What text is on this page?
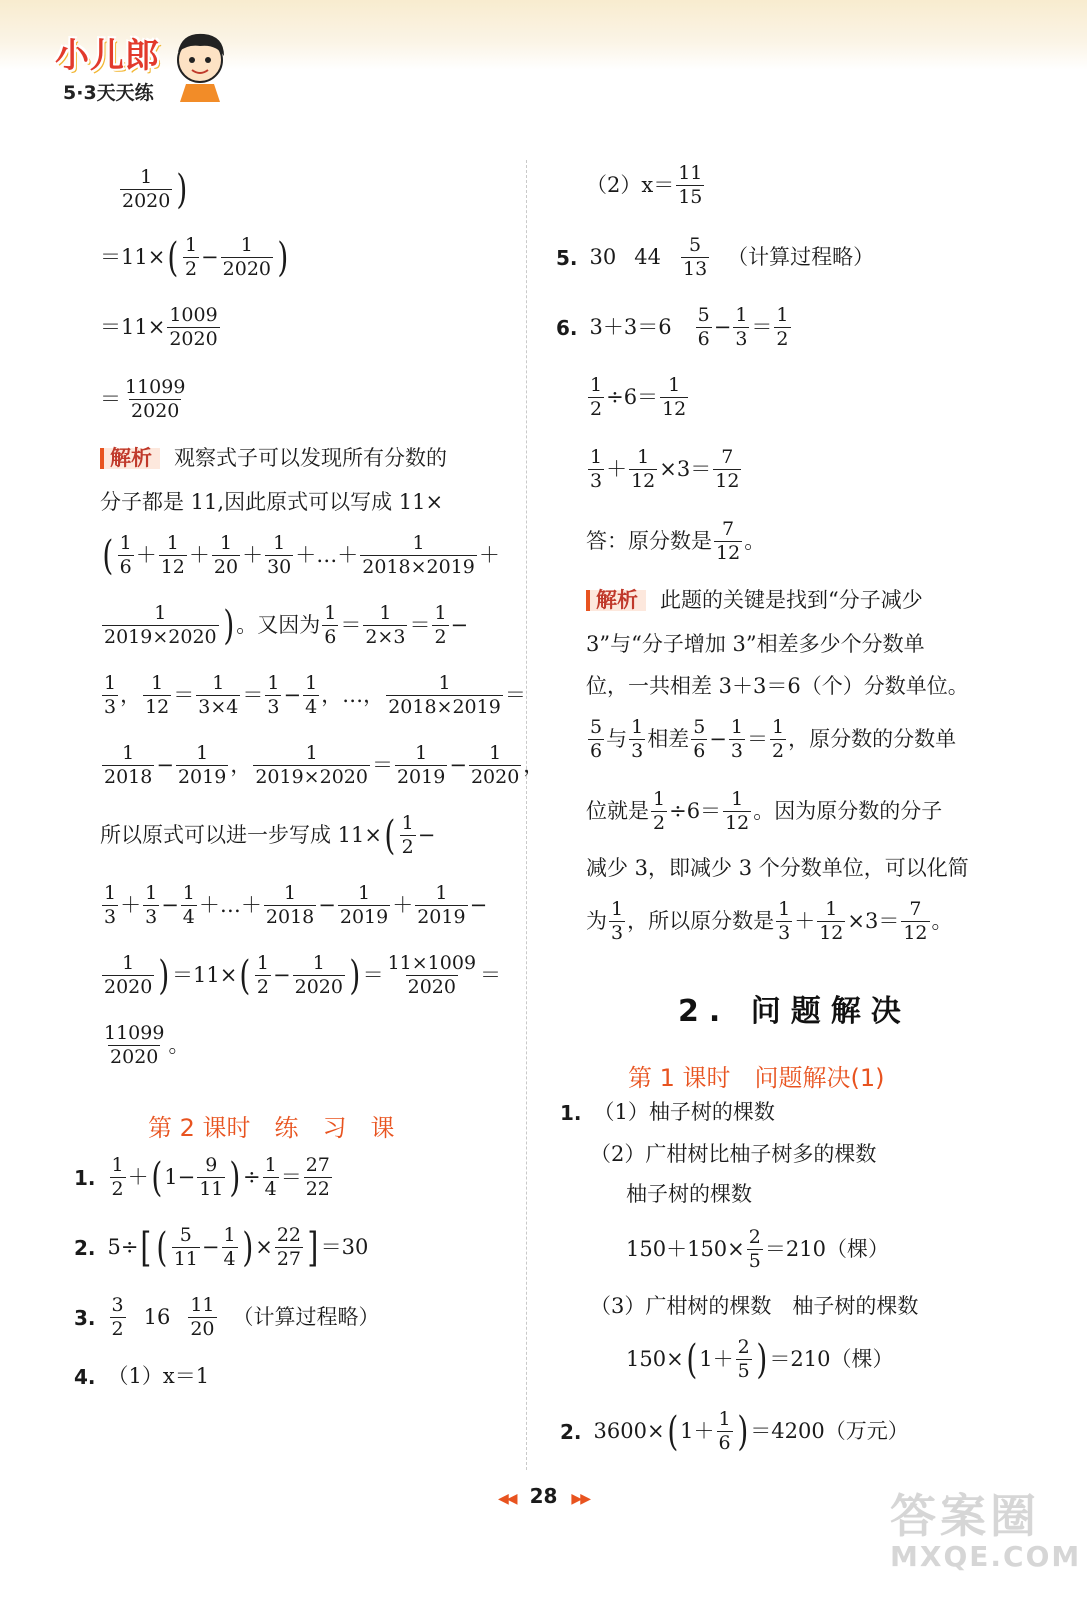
小儿郎
5·3天天练
1
2020 )
＝11× ( 1
$2 - \frac{1}{2020}$ )
$=11\times \frac{1009}{2020}$
＝ 11099
2020
解析	观察式子可以发现所有分数的
分子都是 11,因此原式可以写成 11×
( 1
6 ＋ 1
12 ＋ 1
20 ＋ 1
30 ＋…＋	1
2018×2019 ＋
1
2019×2020 ) 。又因为 1
6 ＝ 1
2×3 ＝ 1
2 −
1
3 ， 1
12 ＝ 1
3×4 ＝ 1
3 − 1
4 ，…，	1
2018×2019 ＝
1
2018 − 1
2019 ，	1
2019×2020 ＝ 1
2019 − 1
2020 ，
所以原式可以进一步写成 11× ( 1
2 −
1
3 ＋ 1
3 − 1
4 ＋…＋ 1
2018 − 1
2019 ＋ 1
2019 −
1
2020 ) ＝11× ( 1
2 − 1
2020 ) ＝ 11×1009
2020 ＝
11099
2020 。
第 2 课时　练　习　课
1.
1
2 ＋ ( $1- \frac{9}{11}$ ) ÷ $\frac{1}{4} = 27$
22
2. 5÷ [ ( 5
$11 - \frac{1}{4}$ ) × $\frac{22}{27}$ ] ＝30
3.
3
2 16 11
20 （计算过程略）
4. （1）x＝1
（2）x＝ 11
15
5. 30 44 5
13 （计算过程略）
6. 3＋3＝6 5
6 − 1
3 ＝ 1
2
$\frac{1}{2} \div 6= 1$
12
1
$3 + \frac{1}{12} \times 3= 7$
12
答：原分数是 7
12 。
解析	此题的关键是找到“分子减少
3”与“分子增加 3”相差多少个分数单
位，一共相差 3＋3＝6（个）分数单位。
5
6 与 1
3 相差 5
6 − 1
3 ＝ 1
2 ，原分数的分数单
位就是 $\frac{1}{2} \div 6= 1$
12 。因为原分数的分子
减少 3，即减少 3 个分数单位，可以化简
为 1
3 ，所以原分数是 1
$3 + \frac{1}{12} \times 3= 7$
12 。
2. 问题解决
第 1 课时　问题解决(1)
1. （1）柚子树的棵数
（2）广柑树比柚子树多的棵数
柚子树的棵数
$150+150\times \frac{2}{5} =210$（棵）
（3）广柑树的棵数　柚子树的棵数
150× ( 1＋ 2
5 ) ＝210（棵）
2. 3600× ( 1＋ 1
6 ) ＝4200（万元）
◀◀ 28 ▶▶	答案圈
MXQE.COM
